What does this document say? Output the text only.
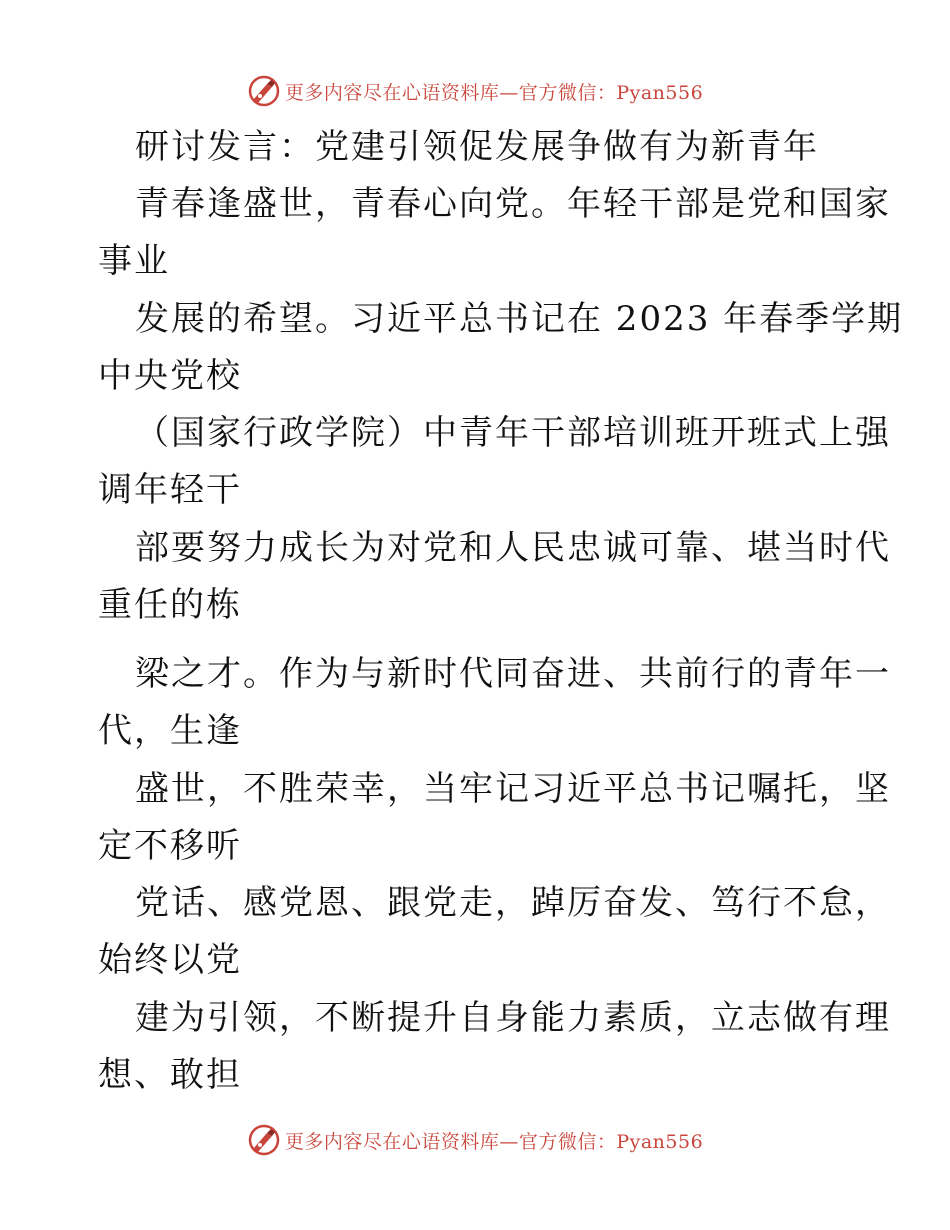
更多内容尽在心语资料库—官方微信：Pyan556
研讨发言：党建引领促发展争做有为新青年
青春逢盛世，青春心向党。年轻干部是党和国家
事业
发展的希望。习近平总书记在 2023 年春季学期
中央党校
（国家行政学院）中青年干部培训班开班式上强
调年轻干
部要努力成长为对党和人民忠诚可靠、堪当时代
重任的栋
梁之才。作为与新时代同奋进、共前行的青年一
代，生逢
盛世，不胜荣幸，当牢记习近平总书记嘱托，坚
定不移听
党话、感党恩、跟党走，踔厉奋发、笃行不怠，
始终以党
建为引领，不断提升自身能力素质，立志做有理
想、敢担
更多内容尽在心语资料库—官方微信：Pyan556
